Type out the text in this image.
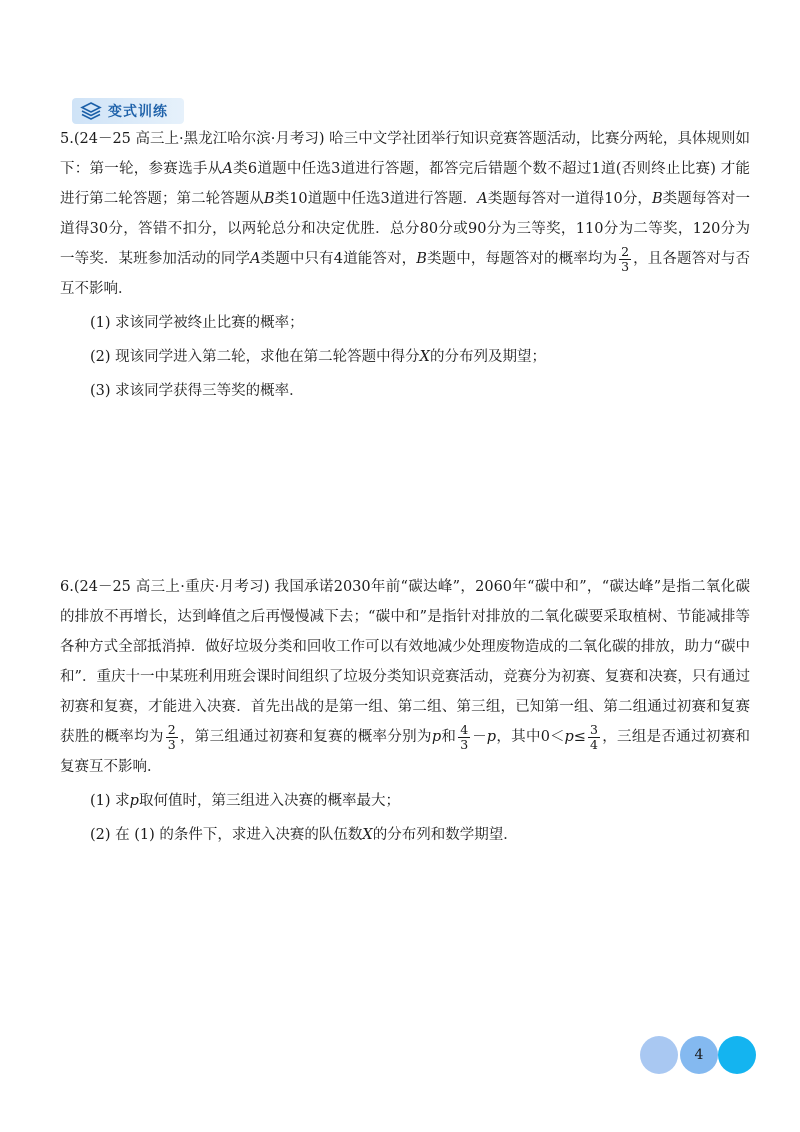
变式训练

5.(24－25 高三上·黑龙江哈尔滨·月考习) 哈三中文学社团举行知识竞赛答题活动，比赛分两轮，具体规则如下：第一轮，参赛选手从A类6道题中任选3道进行答题，都答完后错题个数不超过1道(否则终止比赛) 才能进行第二轮答题；第二轮答题从B类10道题中任选3道进行答题．A类题每答对一道得10分，B类题每答对一道得30分，答错不扣分，以两轮总分和决定优胜．总分80分或90分为三等奖，110分为二等奖，120分为一等奖．某班参加活动的同学A类题中只有4道能答对，B类题中，每题答对的概率均为 $\frac{2}{3}$ ，且各题答对与否互不影响．

(1) 求该同学被终止比赛的概率；

(2) 现该同学进入第二轮，求他在第二轮答题中得分X的分布列及期望；

(3) 求该同学获得三等奖的概率．

6.(24－25 高三上·重庆·月考习) 我国承诺2030年前“碳达峰”，2060年“碳中和”，“碳达峰”是指二氧化碳的排放不再增长，达到峰值之后再慢慢减下去；“碳中和”是指针对排放的二氧化碳要采取植树、节能减排等各种方式全部抵消掉．做好垃圾分类和回收工作可以有效地减少处理废物造成的二氧化碳的排放，助力“碳中和”．重庆十一中某班利用班会课时间组织了垃圾分类知识竞赛活动，竞赛分为初赛、复赛和决赛，只有通过初赛和复赛，才能进入决赛．首先出战的是第一组、第二组、第三组，已知第一组、第二组通过初赛和复赛获胜的概率均为 $\frac{2}{3}$ ，第三组通过初赛和复赛的概率分别为p和 $\frac{4}{3} -p$，其中$0<p\le \frac{3}{4}$ ，三组是否通过初赛和复赛互不影响．

(1) 求p取何值时，第三组进入决赛的概率最大；

(2) 在 (1) 的条件下，求进入决赛的队伍数X的分布列和数学期望．

4
